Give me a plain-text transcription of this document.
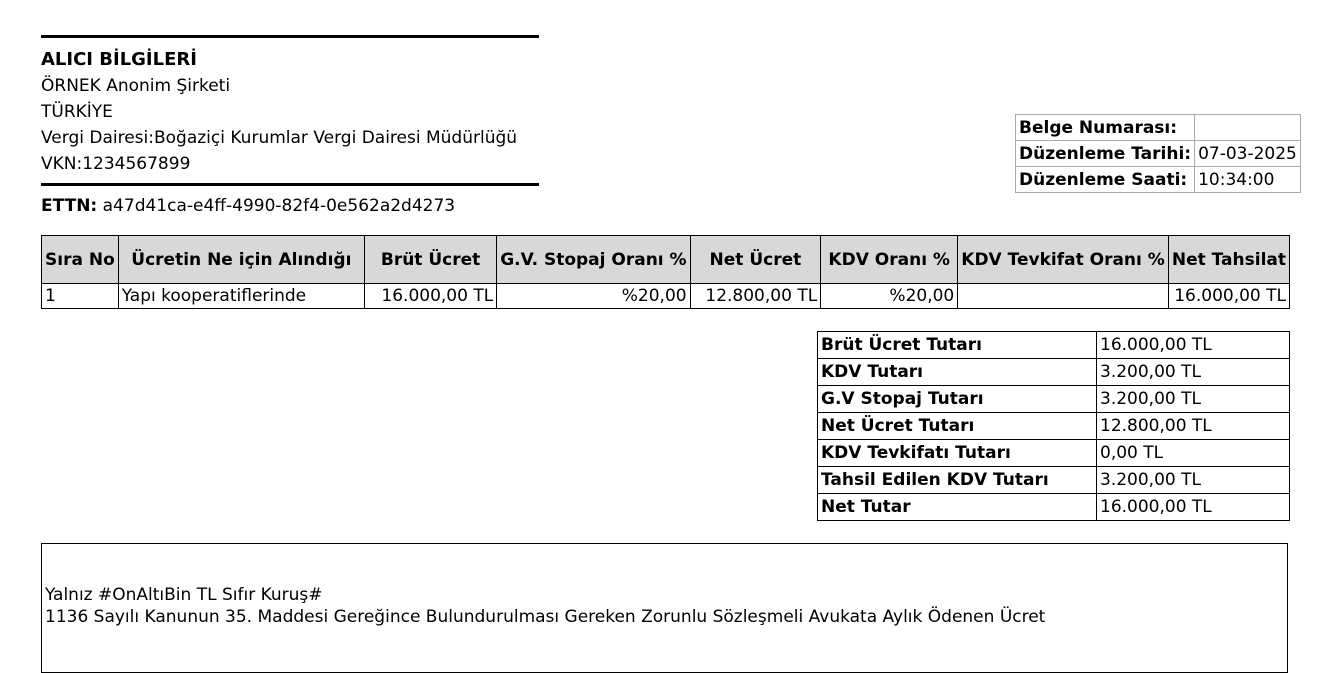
ALICI BİLGİLERİ
ÖRNEK Anonim Şirketi
TÜRKİYE
Vergi Dairesi:Boğaziçi Kurumlar Vergi Dairesi Müdürlüğü
VKN:1234567899
ETTN: a47d41ca-e4ff-4990-82f4-0e562a2d4273
Belge Numarası:	
Düzenleme Tarihi:	07-03-2025
Düzenleme Saati:	10:34:00
Sıra No	Ücretin Ne için Alındığı	Brüt Ücret	G.V. Stopaj Oranı %	Net Ücret	KDV Oranı %	KDV Tevkifat Oranı %	Net Tahsilat
1	Yapı kooperatiflerinde	16.000,00 TL	%20,00	12.800,00 TL	%20,00		16.000,00 TL
Brüt Ücret Tutarı	16.000,00 TL
KDV Tutarı	3.200,00 TL
G.V Stopaj Tutarı	3.200,00 TL
Net Ücret Tutarı	12.800,00 TL
KDV Tevkifatı Tutarı	0,00 TL
Tahsil Edilen KDV Tutarı	3.200,00 TL
Net Tutar	16.000,00 TL
Yalnız #OnAltıBin TL Sıfır Kuruş#
1136 Sayılı Kanunun 35. Maddesi Gereğince Bulundurulması Gereken Zorunlu Sözleşmeli Avukata Aylık Ödenen Ücret
